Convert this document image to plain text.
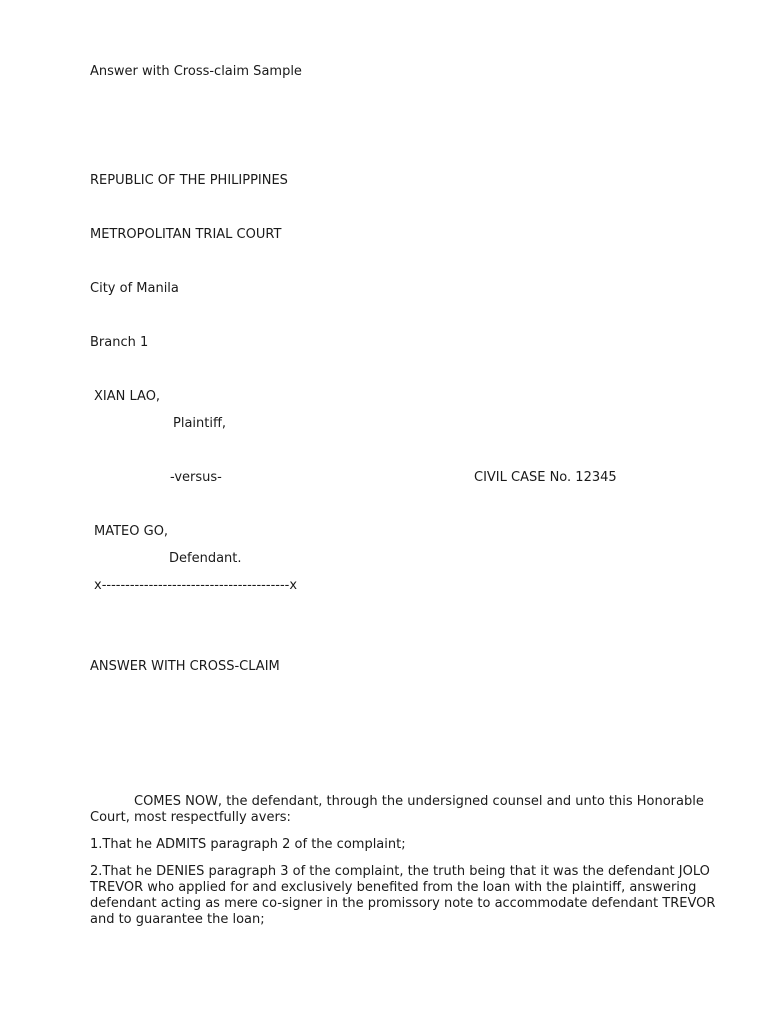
Answer with Cross-claim Sample
REPUBLIC OF THE PHILIPPINES
METROPOLITAN TRIAL COURT
City of Manila
Branch 1
XIAN LAO,
Plaintiff,
-versus-	CIVIL CASE No. 12345
MATEO GO,
Defendant.
x----------------------------------------x
ANSWER WITH CROSS-CLAIM
COMES NOW, the defendant, through the undersigned counsel and unto this Honorable Court, most respectfully avers:
1.That he ADMITS paragraph 2 of the complaint;
2.That he DENIES paragraph 3 of the complaint, the truth being that it was the defendant JOLO TREVOR who applied for and exclusively benefited from the loan with the plaintiff, answering defendant acting as mere co-signer in the promissory note to accommodate defendant TREVOR and to guarantee the loan;
